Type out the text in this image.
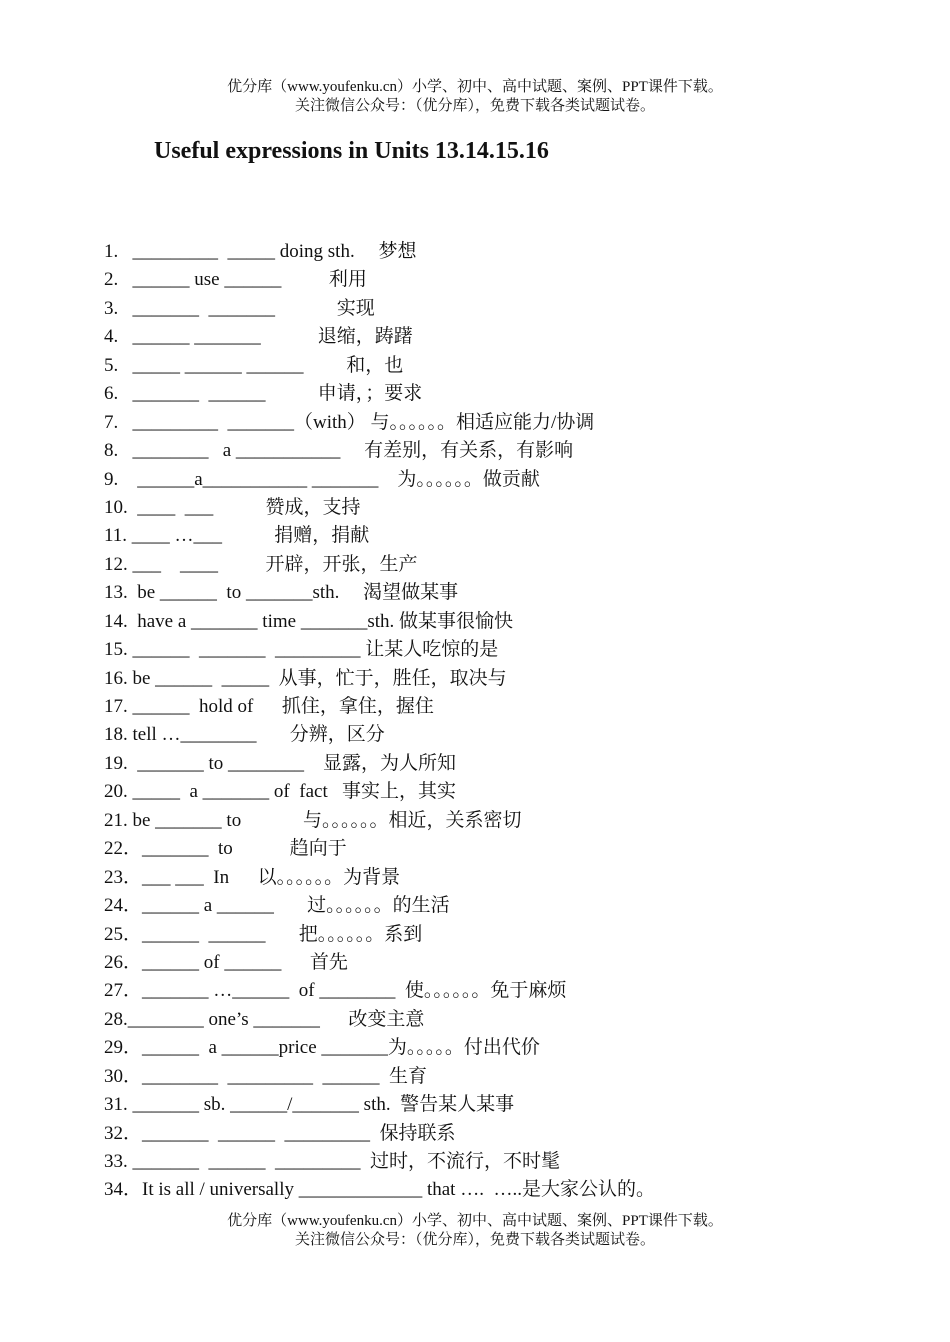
优分库（www.youfenku.cn）小学、初中、高中试题、案例、PPT课件下载。
关注微信公众号：（优分库），免费下载各类试题试卷。
Useful expressions in Units 13.14.15.16
1.   _________  _____ doing sth.     梦想
2.   ______ use ______          利用
3.   _______  _______             实现
4.   ______ _______            退缩，踌躇
5.   _____ ______ ______         和，也
6.   _______  ______           申请，；要求
7.   _________  _______（with） 与。。。。。。相适应能力/协调
8.   ________   a ___________     有差别，有关系，有影响
9.    ______a___________ _______    为。。。。。。做贡献
10.  ____  ___           赞成，支持
11. ____ …___           捐赠，捐献
12. ___    ____          开辟，开张，生产
13.  be ______  to _______sth.     渴望做某事
14.  have a _______ time _______sth. 做某事很愉快
15. ______  _______  _________ 让某人吃惊的是
16. be ______  _____  从事，忙于，胜任，取决与
17. ______  hold of      抓住，拿住，握住
18. tell …________       分辨，区分
19.  _______ to ________    显露，为人所知
20. _____  a _______ of  fact   事实上，其实
21. be _______ to             与。。。。。。相近，关系密切
22．_______  to            趋向于
23．___ ___  In      以。。。。。。为背景
24．______ a ______       过。。。。。。的生活
25．______  ______       把。。。。。。系到
26．______ of ______      首先
27．_______ …______  of ________  使。。。。。。免于麻烦
28.________ one’s _______      改变主意
29．______  a ______price _______为。。。。。付出代价
30．________  _________  ______  生育
31. _______ sb. ______/_______ sth.  警告某人某事
32．_______  ______  _________  保持联系
33. _______  ______  _________  过时，不流行，不时髦
34．It is all / universally _____________ that ….  …..是大家公认的。
优分库（www.youfenku.cn）小学、初中、高中试题、案例、PPT课件下载。
关注微信公众号：（优分库），免费下载各类试题试卷。
